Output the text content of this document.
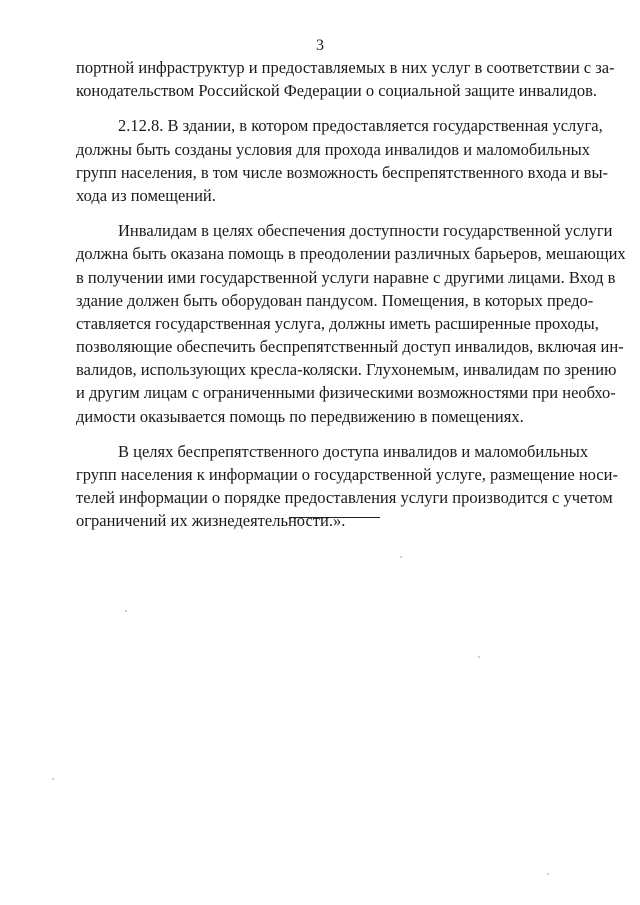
3

портной инфраструктур и предоставляемых в них услуг в соответствии с за-
конодательством Российской Федерации о социальной защите инвалидов.

2.12.8. В здании, в котором предоставляется государственная услуга,
должны быть созданы условия для прохода инвалидов и маломобильных
групп населения, в том числе возможность беспрепятственного входа и вы-
хода из помещений.

Инвалидам в целях обеспечения доступности государственной услуги
должна быть оказана помощь в преодолении различных барьеров, мешающих
в получении ими государственной услуги наравне с другими лицами. Вход в
здание должен быть оборудован пандусом. Помещения, в которых предо-
ставляется государственная услуга, должны иметь расширенные проходы,
позволяющие обеспечить беспрепятственный доступ инвалидов, включая ин-
валидов, использующих кресла-коляски. Глухонемым, инвалидам по зрению
и другим лицам с ограниченными физическими возможностями при необхо-
димости оказывается помощь по передвижению в помещениях.

В целях беспрепятственного доступа инвалидов и маломобильных
групп населения к информации о государственной услуге, размещение носи-
телей информации о порядке предоставления услуги производится с учетом
ограничений их жизнедеятельности.».
